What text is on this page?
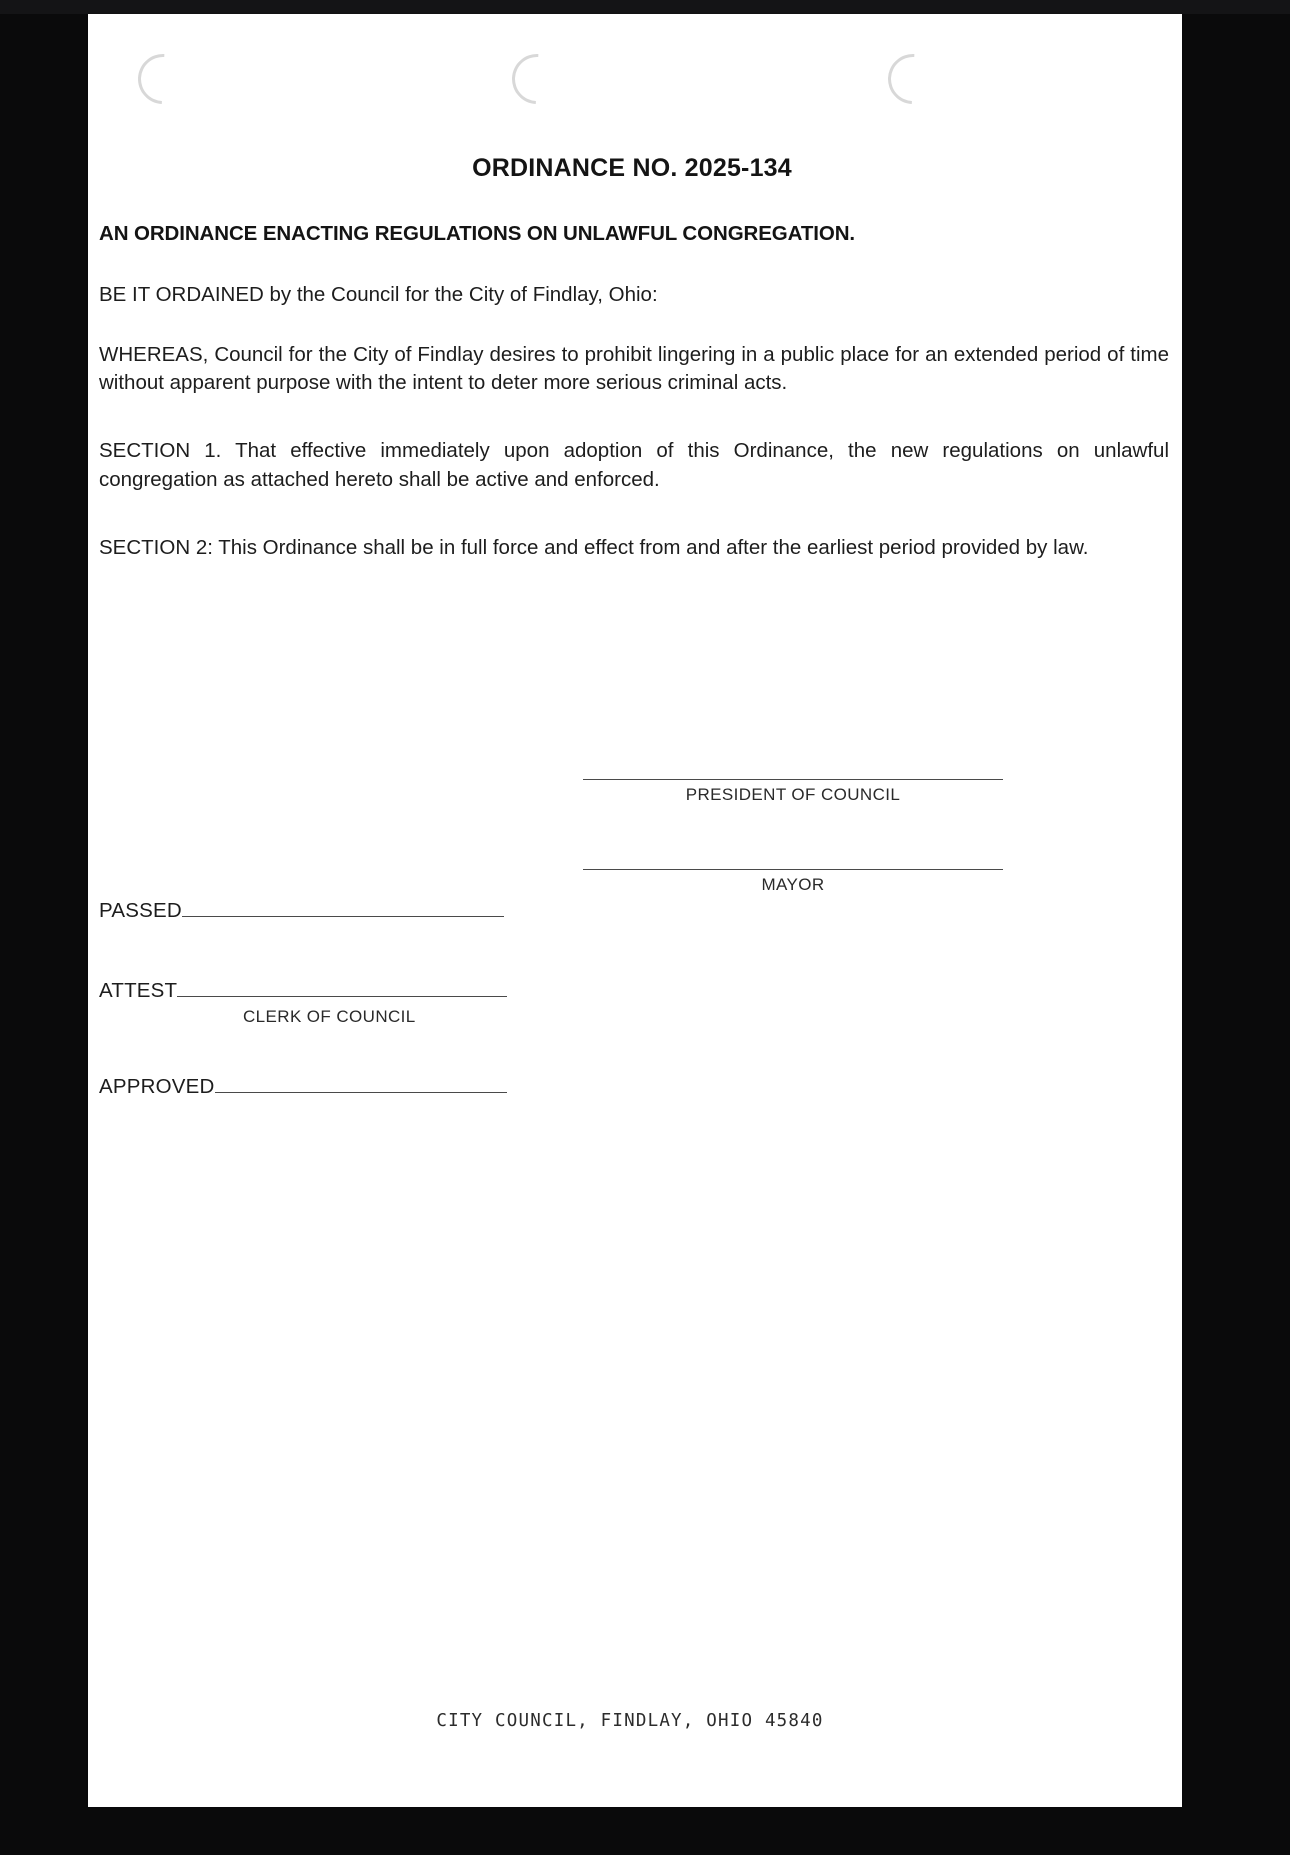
ORDINANCE NO. 2025-134
AN ORDINANCE ENACTING REGULATIONS ON UNLAWFUL CONGREGATION.

BE IT ORDAINED by the Council for the City of Findlay, Ohio:

WHEREAS, Council for the City of Findlay desires to prohibit lingering in a public place for an extended period of time without apparent purpose with the intent to deter more serious criminal acts.

SECTION 1. That effective immediately upon adoption of this Ordinance, the new regulations on unlawful congregation as attached hereto shall be active and enforced.

SECTION 2: This Ordinance shall be in full force and effect from and after the earliest period provided by law.

PRESIDENT OF COUNCIL
MAYOR
PASSED
ATTEST
CLERK OF COUNCIL
APPROVED
CITY COUNCIL, FINDLAY, OHIO 45840
